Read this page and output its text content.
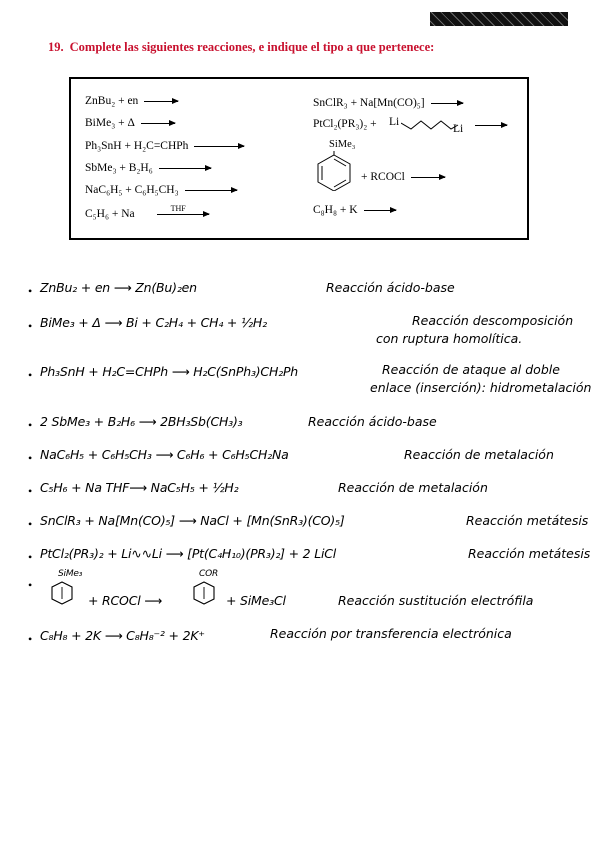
19. Complete las siguientes reacciones, e indique el tipo a que pertenece:
ZnBu₂ + en
BiMe₃ + Δ
Ph₃SnH + H₂C=CHPh
SbMe₃ + B₂H₆
NaC₆H₅ + C₆H₅CH₃
C₅H₆ + Na	THF
SnClR₃ + Na[Mn(CO)₅]
PtCl₂(PR₃)₂ + Li
Li
SiMe₃
+ RCOCl
C₈H₈ + K
• ZnBu₂ + en ⟶ Zn(Bu)₂en	Reacción ácido-base
• BiMe₃ + Δ ⟶ Bi + C₂H₄ + CH₄ + ½H₂	Reacción descomposición
con ruptura homolítica.
• Ph₃SnH + H₂C=CHPh ⟶ H₂C(SnPh₃)CH₂Ph	Reacción de ataque al doble
enlace (inserción): hidrometalación
• 2 SbMe₃ + B₂H₆ ⟶ 2BH₃Sb(CH₃)₃	Reacción ácido-base
• NaC₆H₅ + C₆H₅CH₃ ⟶ C₆H₆ + C₆H₅CH₂Na	Reacción de metalación
• C₅H₆ + Na THF⟶ NaC₅H₅ + ½H₂	Reacción de metalación
• SnClR₃ + Na[Mn(CO)₅] ⟶ NaCl + [Mn(SnR₃)(CO)₅]	Reacción metátesis
• PtCl₂(PR₃)₂ + Li∿∿Li ⟶ [Pt(C₄H₁₀)(PR₃)₂] + 2 LiCl	Reacción metátesis
•
SiMe₃
+ RCOCl ⟶
COR
+ SiMe₃Cl	Reacción sustitución electrófila
• C₈H₈ + 2K ⟶ C₈H₈⁻² + 2K⁺	Reacción por transferencia electrónica
